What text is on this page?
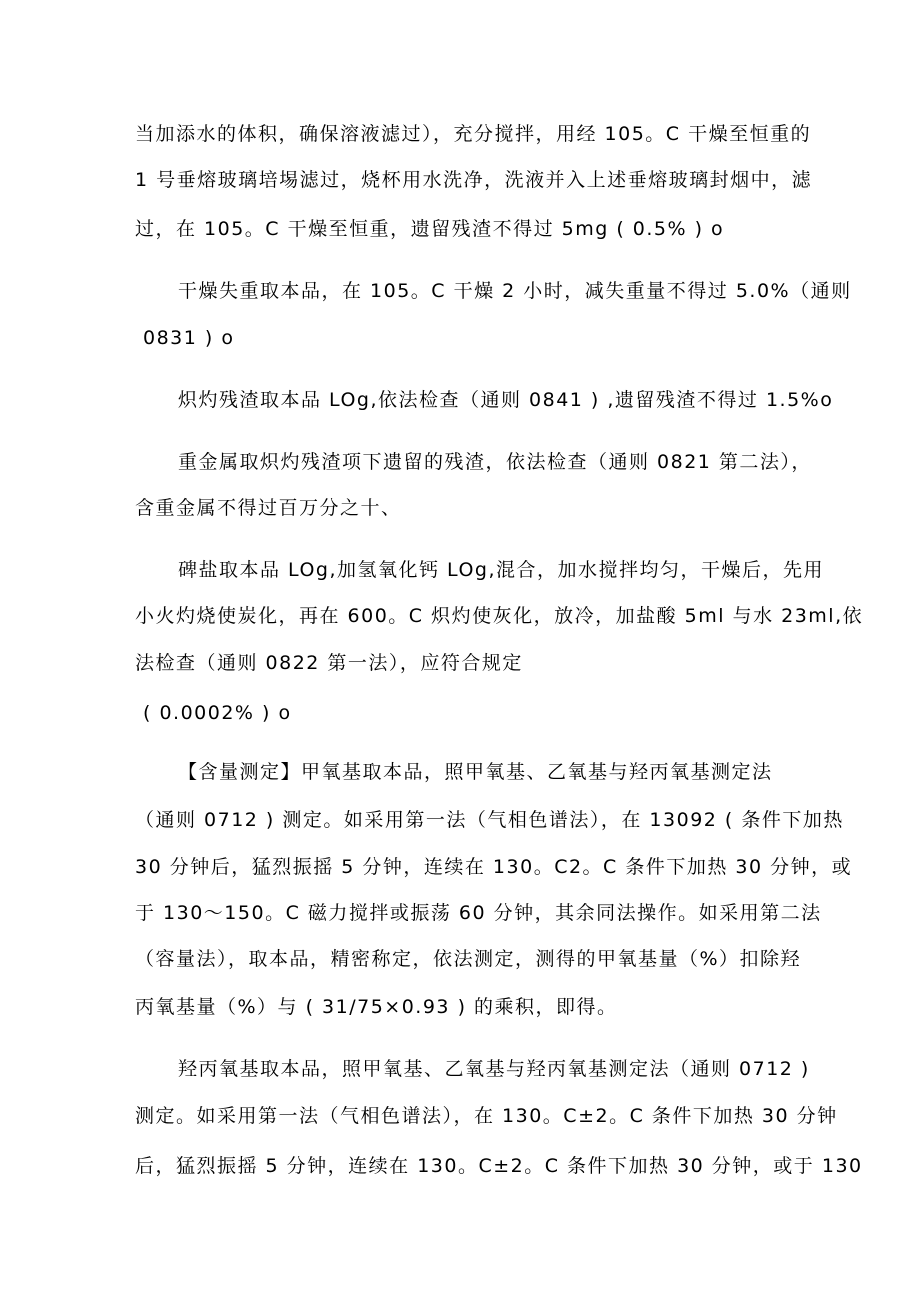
当加添水的体积，确保溶液滤过），充分搅拌，用经 105。C 干燥至恒重的
1 号垂熔玻璃培埸滤过，烧杯用水洗净，洗液并入上述垂熔玻璃封烟中，滤
过，在 105。C 干燥至恒重，遗留残渣不得过 5mg ( 0.5% ) o
干燥失重取本品，在 105。C 干燥 2 小时，减失重量不得过 5.0%（通则
0831 ) o
炽灼残渣取本品 LOg,依法检查（通则 0841 ) ,遗留残渣不得过 1.5%o
重金属取炽灼残渣项下遗留的残渣，依法检查（通则 0821 第二法），
含重金属不得过百万分之十、
碑盐取本品 LOg,加氢氧化钙 LOg,混合，加水搅拌均匀，干燥后，先用
小火灼烧使炭化，再在 600。C 炽灼使灰化，放冷，加盐酸 5ml 与水 23ml,依
法检查（通则 0822 第一法），应符合规定
( 0.0002% ) o
【含量测定】甲氧基取本品，照甲氧基、乙氧基与羟丙氧基测定法
（通则 0712 ) 测定。如采用第一法（气相色谱法），在 13092 ( 条件下加热
30 分钟后，猛烈振摇 5 分钟，连续在 130。C2。C 条件下加热 30 分钟，或
于 130〜150。C 磁力搅拌或振荡 60 分钟，其余同法操作。如采用第二法
（容量法），取本品，精密称定，依法测定，测得的甲氧基量（%）扣除羟
丙氧基量（%）与 ( 31/75×0.93 ) 的乘积，即得。
羟丙氧基取本品，照甲氧基、乙氧基与羟丙氧基测定法（通则 0712 )
测定。如采用第一法（气相色谱法），在 130。C±2。C 条件下加热 30 分钟
后，猛烈振摇 5 分钟，连续在 130。C±2。C 条件下加热 30 分钟，或于 130
